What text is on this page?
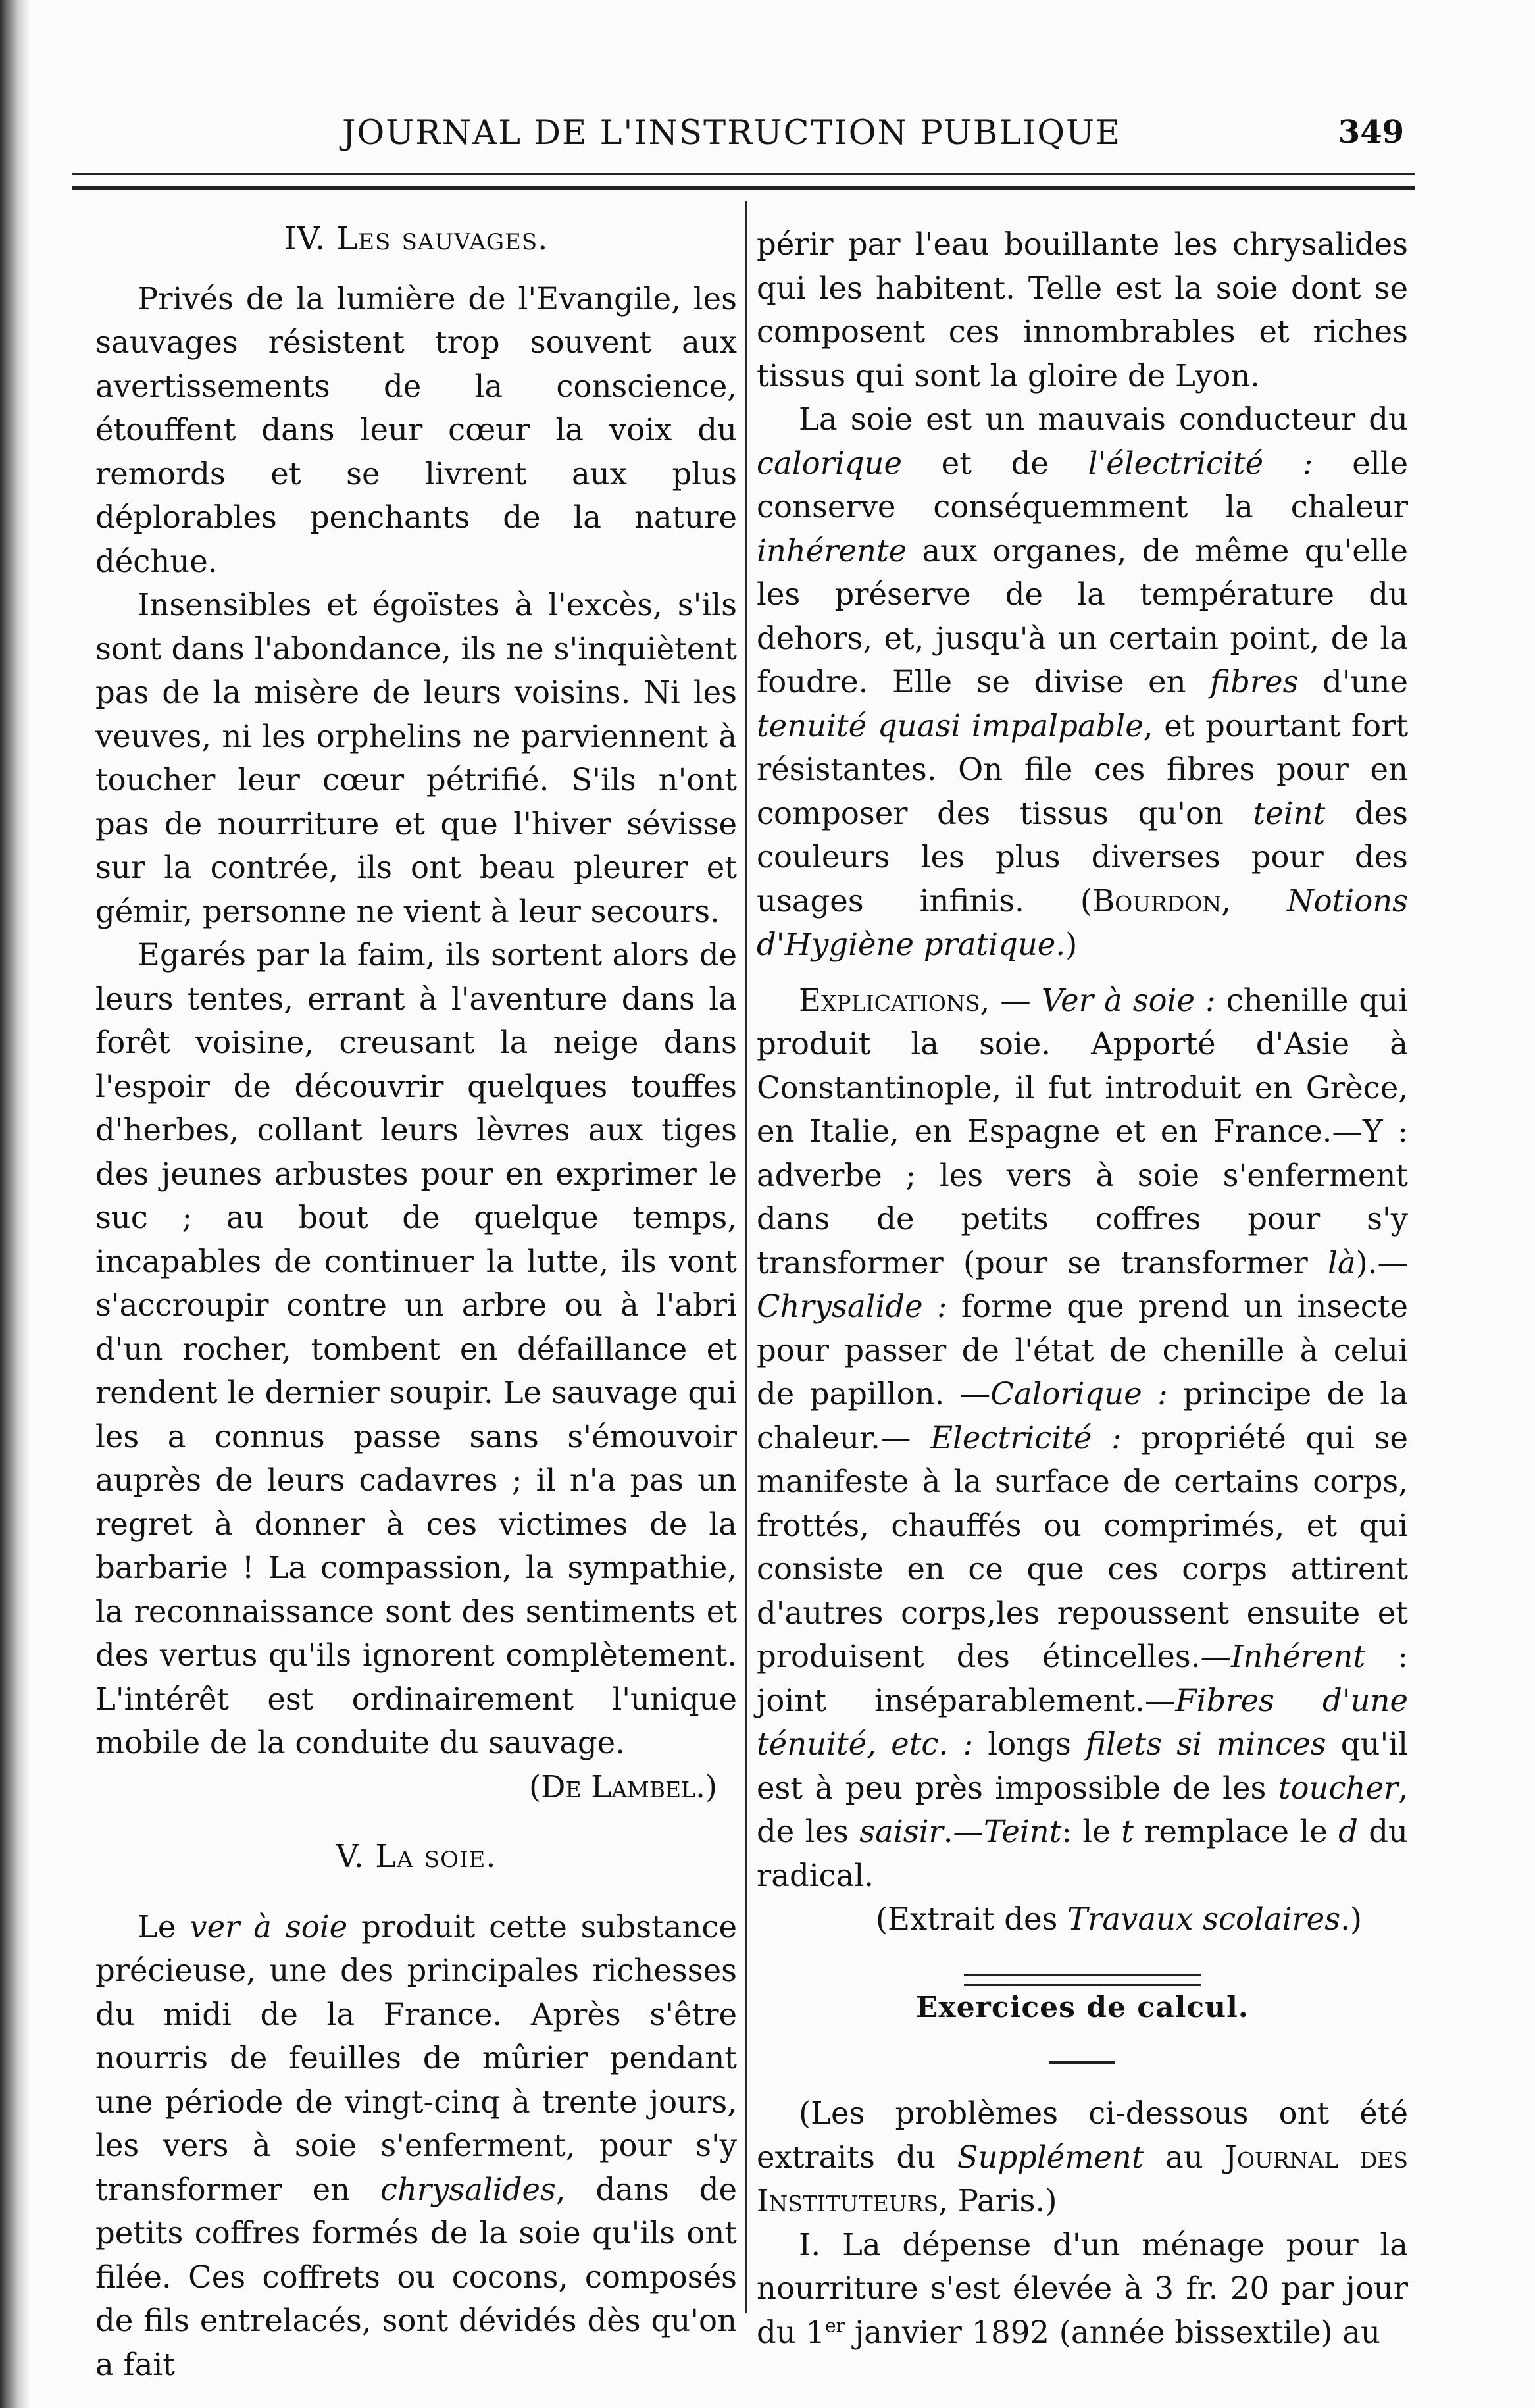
JOURNAL DE L'INSTRUCTION PUBLIQUE	349

IV. Les sauvages.

Privés de la lumière de l'Evangile, les sauvages résistent trop souvent aux avertissements de la conscience, étouffent dans leur cœur la voix du remords et se livrent aux plus déplorables penchants de la nature déchue.

Insensibles et égoïstes à l'excès, s'ils sont dans l'abondance, ils ne s'inquiètent pas de la misère de leurs voisins. Ni les veuves, ni les orphelins ne parviennent à toucher leur cœur pétrifié. S'ils n'ont pas de nourriture et que l'hiver sévisse sur la contrée, ils ont beau pleurer et gémir, personne ne vient à leur secours.

Egarés par la faim, ils sortent alors de leurs tentes, errant à l'aventure dans la forêt voisine, creusant la neige dans l'espoir de découvrir quelques touffes d'herbes, collant leurs lèvres aux tiges des jeunes arbustes pour en exprimer le suc ; au bout de quelque temps, incapables de continuer la lutte, ils vont s'accroupir contre un arbre ou à l'abri d'un rocher, tombent en défaillance et rendent le dernier soupir. Le sauvage qui les a connus passe sans s'émouvoir auprès de leurs cadavres ; il n'a pas un regret à donner à ces victimes de la barbarie ! La compassion, la sympathie, la reconnaissance sont des sentiments et des vertus qu'ils ignorent complètement. L'intérêt est ordinairement l'unique mobile de la conduite du sauvage.

(De Lambel.)

V. La soie.

Le ver à soie produit cette substance précieuse, une des principales richesses du midi de la France. Après s'être nourris de feuilles de mûrier pendant une période de vingt-cinq à trente jours, les vers à soie s'enferment, pour s'y transformer en chrysalides, dans de petits coffres formés de la soie qu'ils ont filée. Ces coffrets ou cocons, composés de fils entrelacés, sont dévidés dès qu'on a fait

périr par l'eau bouillante les chrysalides qui les habitent. Telle est la soie dont se composent ces innombrables et riches tissus qui sont la gloire de Lyon.

La soie est un mauvais conducteur du calorique et de l'électricité : elle conserve conséquemment la chaleur inhérente aux organes, de même qu'elle les préserve de la température du dehors, et, jusqu'à un certain point, de la foudre. Elle se divise en fibres d'une tenuité quasi impalpable, et pourtant fort résistantes. On file ces fibres pour en composer des tissus qu'on teint des couleurs les plus diverses pour des usages infinis. (Bourdon, Notions d'Hygiène pratique.)

Explications, — Ver à soie : chenille qui produit la soie. Apporté d'Asie à Constantinople, il fut introduit en Grèce, en Italie, en Espagne et en France.—Y : adverbe ; les vers à soie s'enferment dans de petits coffres pour s'y transformer (pour se transformer là).—Chrysalide : forme que prend un insecte pour passer de l'état de chenille à celui de papillon. —Calorique : principe de la chaleur.— Electricité : propriété qui se manifeste à la surface de certains corps, frottés, chauffés ou comprimés, et qui consiste en ce que ces corps attirent d'autres corps,les repoussent ensuite et produisent des étincelles.—Inhérent : joint inséparablement.—Fibres d'une ténuité, etc. : longs filets si minces qu'il est à peu près impossible de les toucher, de les saisir.—Teint: le t remplace le d du radical.

(Extrait des Travaux scolaires.)

Exercices de calcul.

(Les problèmes ci-dessous ont été extraits du Supplément au Journal des Instituteurs, Paris.)

I. La dépense d'un ménage pour la nourriture s'est élevée à 3 fr. 20 par jour du 1er janvier 1892 (année bissextile) au
